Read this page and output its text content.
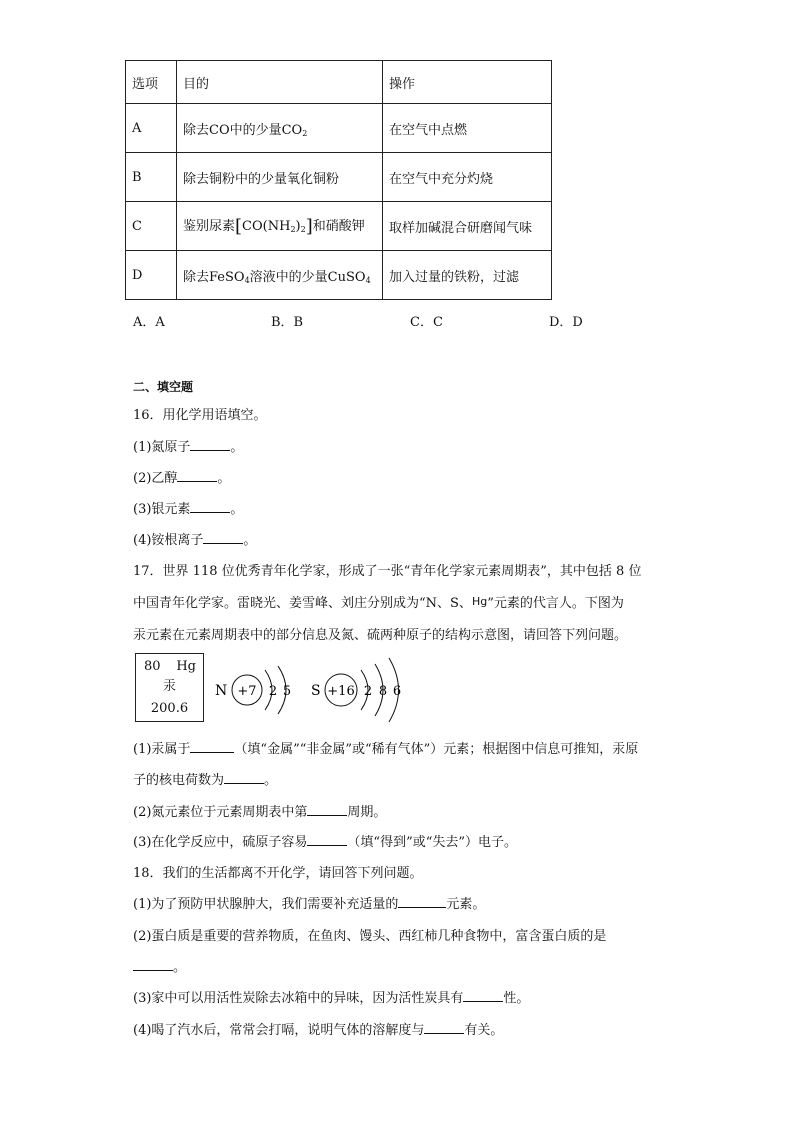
选项	目的	操作
A	除去CO中的少量$CO_2$	在空气中点燃
B	除去铜粉中的少量氧化铜粉	在空气中充分灼烧
C	鉴别尿素$[CO(NH_2)_2]$和硝酸钾	取样加碱混合研磨闻气味
D	除去FeSO$_4$溶液中的少量CuSO$_4$	加入过量的铁粉，过滤
A．A	B．B	C．C	D．D
二、填空题
16．用化学用语填空。
(1)氮原子	。
(2)乙醇	。
(3)银元素	。
(4)铵根离子	。
17．世界 118 位优秀青年化学家，形成了一张“青年化学家元素周期表”，其中包括 8 位
中国青年化学家。雷晓光、姜雪峰、刘庄分别成为“N、S、Hg”元素的代言人。下图为
汞元素在元素周期表中的部分信息及氮、硫两种原子的结构示意图，请回答下列问题。
80 Hg
汞
200.6
N +7 2 5 S +16 2 8 6
(1)汞属于	（填“金属”“非金属”或“稀有气体”）元素；根据图中信息可推知，汞原
子的核电荷数为	。
(2)氮元素位于元素周期表中第	周期。
(3)在化学反应中，硫原子容易	（填“得到”或“失去”）电子。
18．我们的生活都离不开化学，请回答下列问题。
(1)为了预防甲状腺肿大，我们需要补充适量的	元素。
(2)蛋白质是重要的营养物质，在鱼肉、馒头、西红柿几种食物中，富含蛋白质的是
。
(3)家中可以用活性炭除去冰箱中的异味，因为活性炭具有	性。
(4)喝了汽水后，常常会打嗝，说明气体的溶解度与	有关。
